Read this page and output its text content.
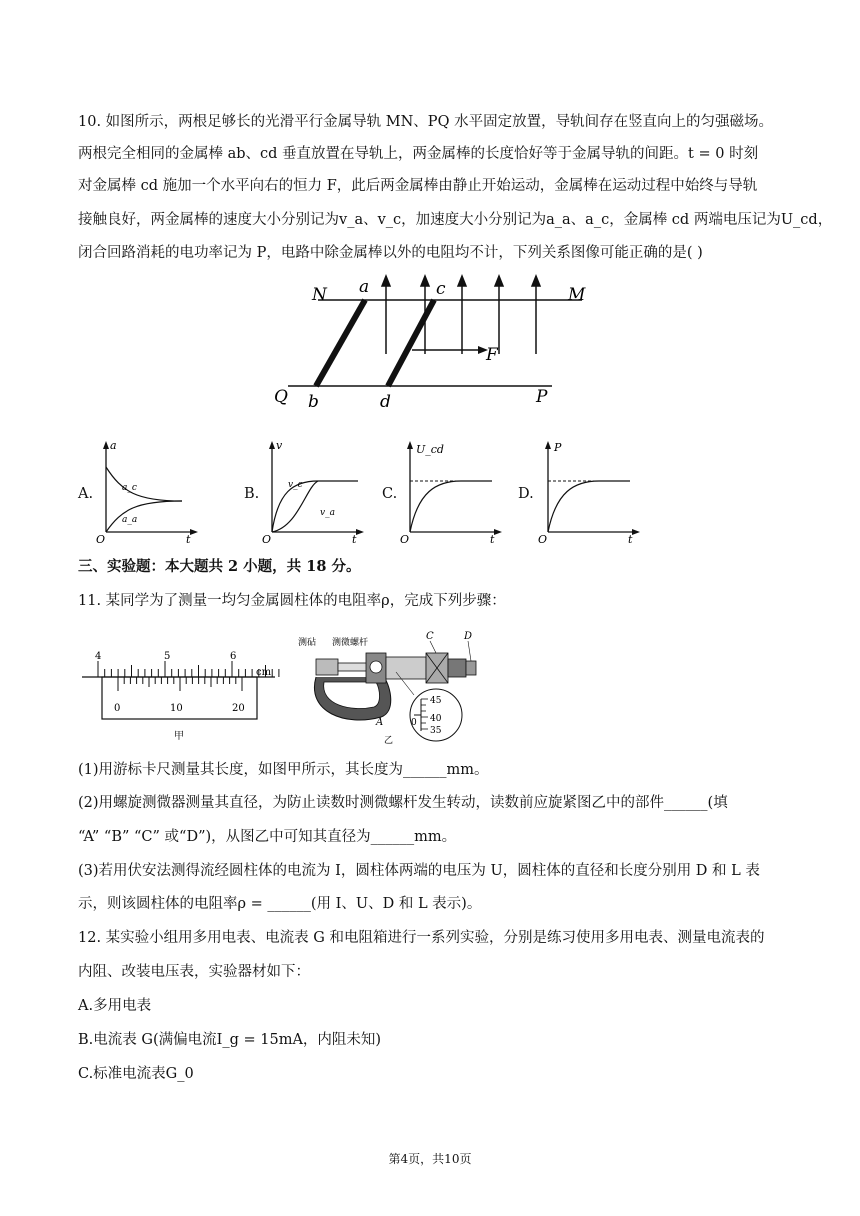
10. 如图所示，两根足够长的光滑平行金属导轨 MN、PQ 水平固定放置，导轨间存在竖直向上的匀强磁场。
两根完全相同的金属棒 ab、cd 垂直放置在导轨上，两金属棒的长度恰好等于金属导轨的间距。t = 0 时刻
对金属棒 cd 施加一个水平向右的恒力 F，此后两金属棒由静止开始运动，金属棒在运动过程中始终与导轨
接触良好，两金属棒的速度大小分别记为v_a、v_c，加速度大小分别记为a_a、a_c，金属棒 cd 两端电压记为U_cd，
闭合回路消耗的电功率记为 P，电路中除金属棒以外的电阻均不计，下列关系图像可能正确的是( )
N a	c	M
F
Q b	d	P
A.
a
t
O
a_c
a_a
B.
v
t
O
v_c
v_a
C.
U_cd
t
O
D.
P
t
O
三、实验题：本大题共 2 小题，共 18 分。
11. 某同学为了测量一均匀金属圆柱体的电阻率ρ，完成下列步骤：
4	5	6
cm
0	10	20
甲
测砧 测微螺杆
45
40
35
0
乙
C	D
A
(1)用游标卡尺测量其长度，如图甲所示，其长度为______mm。
(2)用螺旋测微器测量其直径，为防止读数时测微螺杆发生转动，读数前应旋紧图乙中的部件______(填
“A” “B” “C” 或“D”)，从图乙中可知其直径为______mm。
(3)若用伏安法测得流经圆柱体的电流为 I，圆柱体两端的电压为 U，圆柱体的直径和长度分别用 D 和 L 表
示，则该圆柱体的电阻率ρ = ______(用 I、U、D 和 L 表示)。
12. 某实验小组用多用电表、电流表 G 和电阻箱进行一系列实验，分别是练习使用多用电表、测量电流表的
内阻、改装电压表，实验器材如下：
A.多用电表
B.电流表 G(满偏电流I_g = 15mA，内阻未知)
C.标准电流表G_0
第4页，共10页
